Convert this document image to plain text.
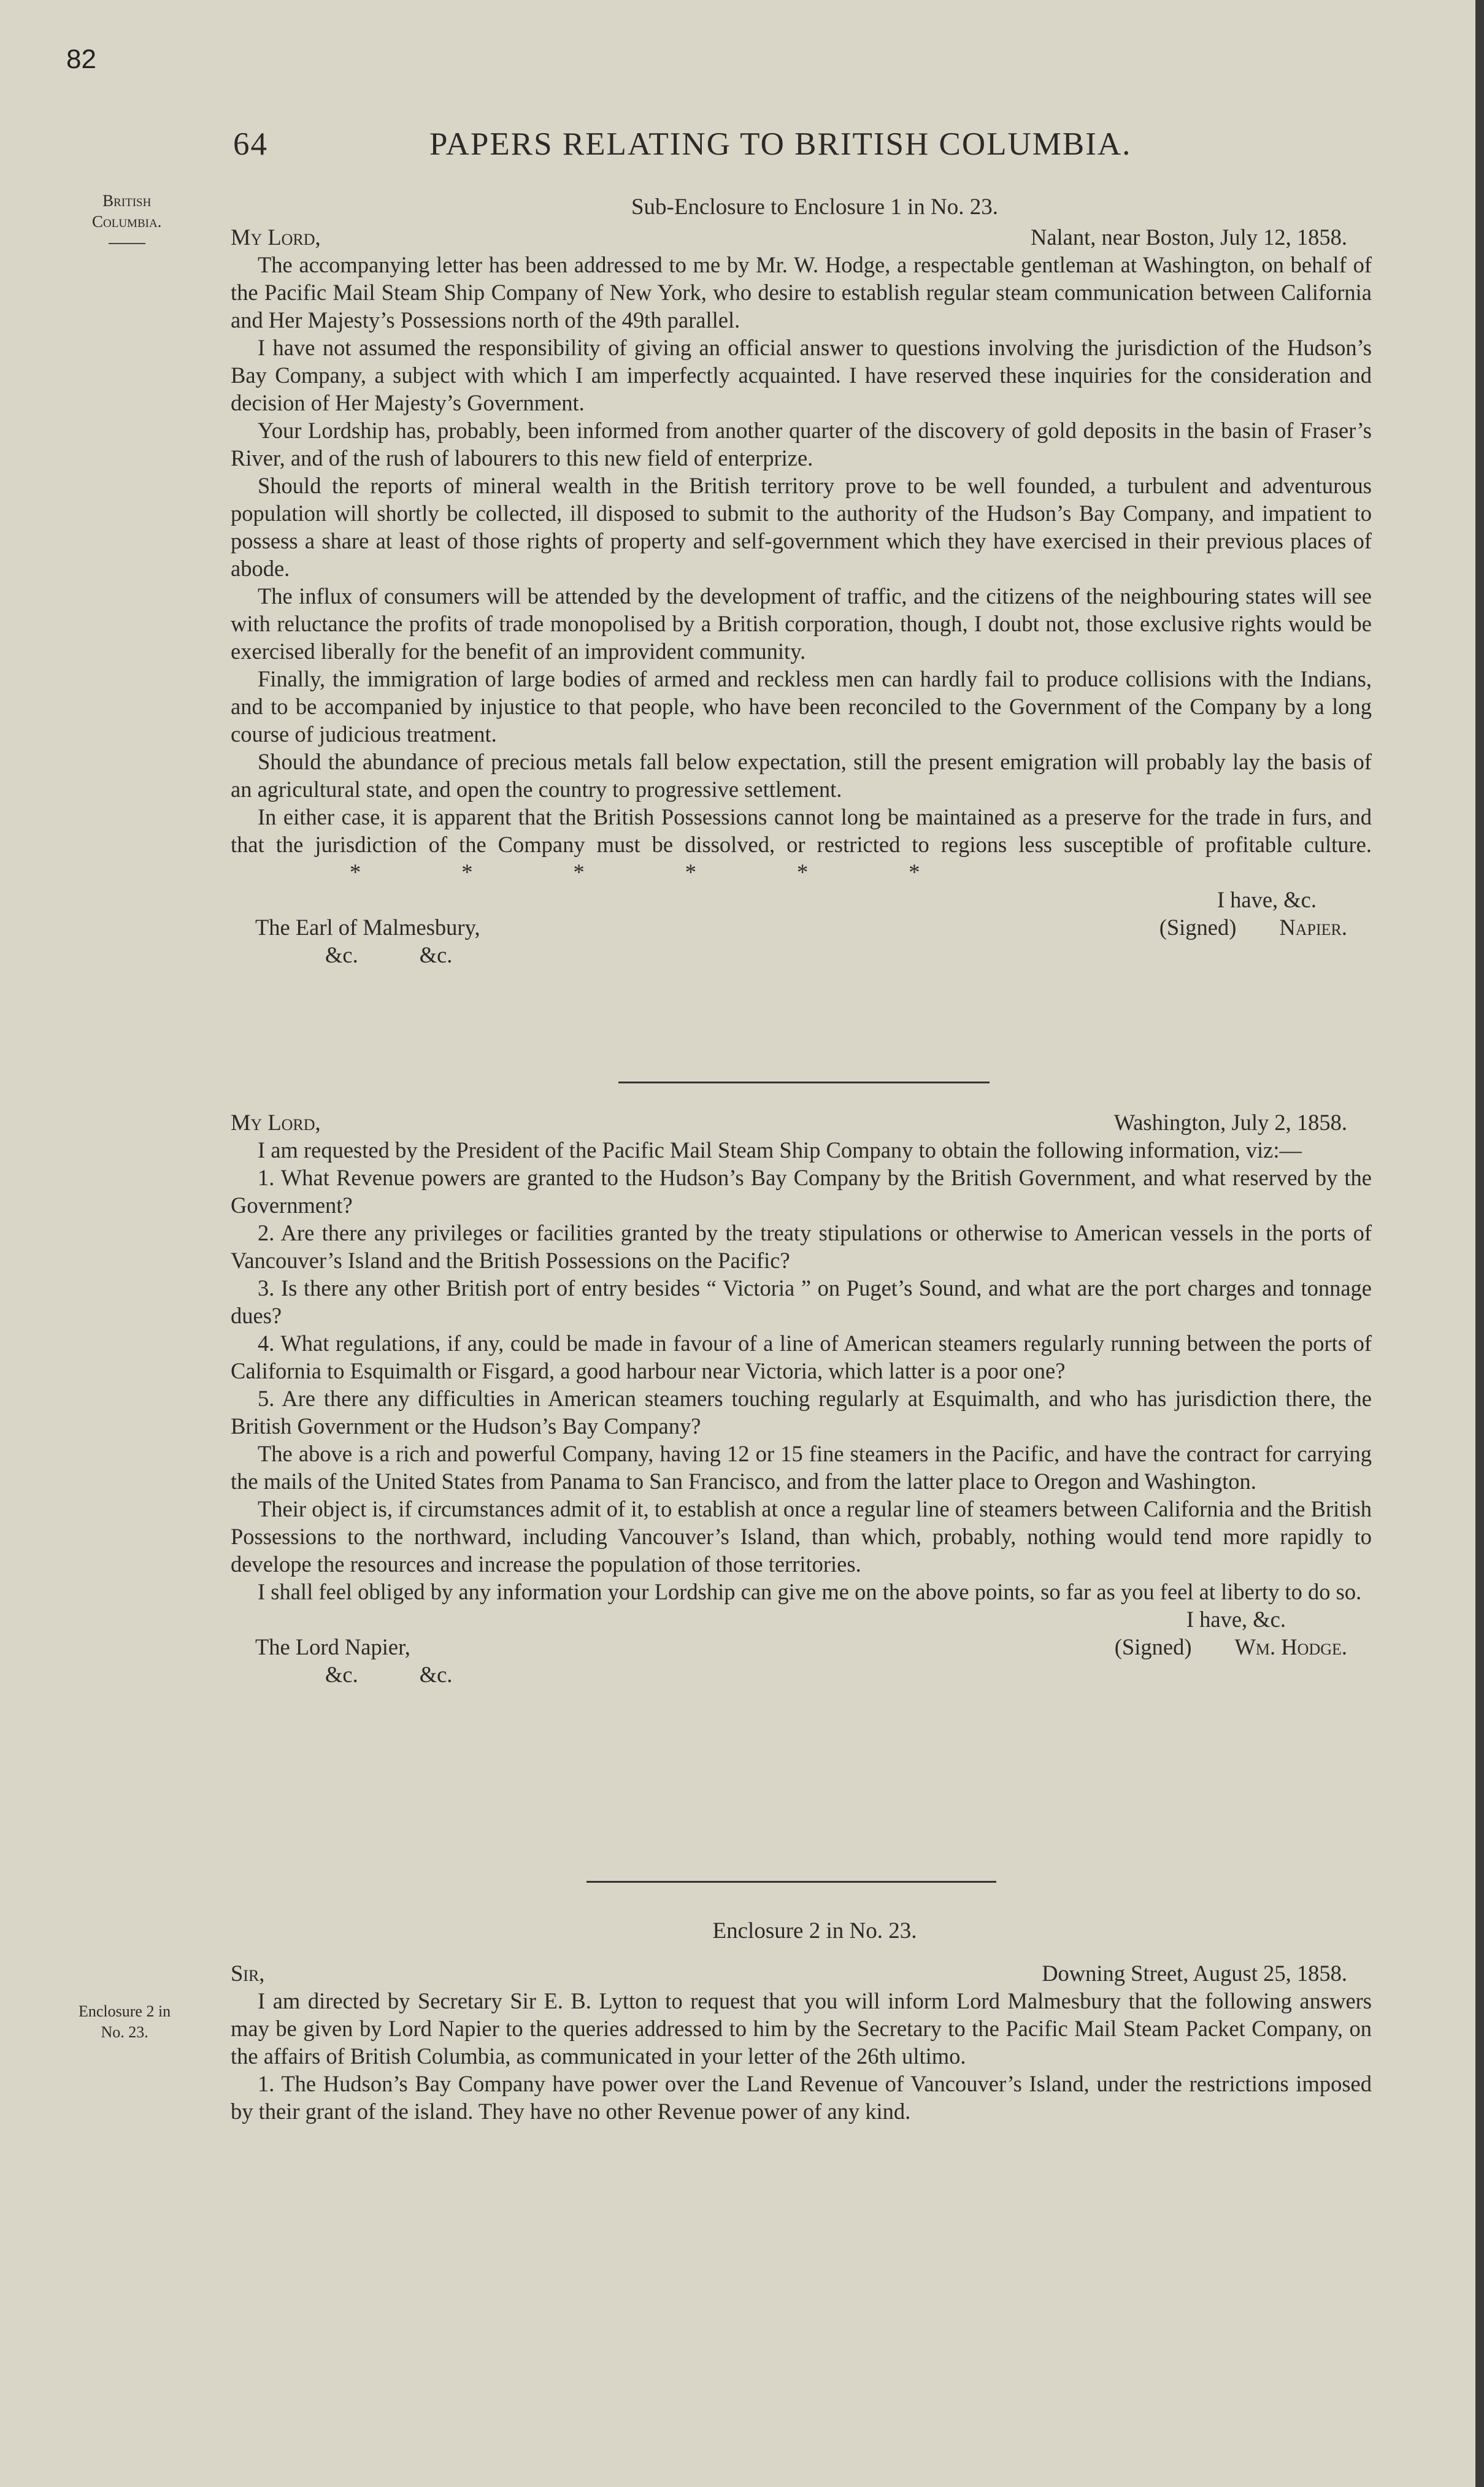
82
64	PAPERS RELATING TO BRITISH COLUMBIA.
British
Columbia.
Enclosure 2 in
No. 23.

Sub-Enclosure to Enclosure 1 in No. 23.

My Lord,	Nalant, near Boston, July 12, 1858.

The accompanying letter has been addressed to me by Mr. W. Hodge, a respectable gentleman at Washington, on behalf of the Pacific Mail Steam Ship Company of New York, who desire to establish regular steam communication between California and Her Majesty’s Possessions north of the 49th parallel.

I have not assumed the responsibility of giving an official answer to questions involving the jurisdiction of the Hudson’s Bay Company, a subject with which I am imperfectly acquainted. I have reserved these inquiries for the consideration and decision of Her Majesty’s Government.

Your Lordship has, probably, been informed from another quarter of the discovery of gold deposits in the basin of Fraser’s River, and of the rush of labourers to this new field of enterprize.

Should the reports of mineral wealth in the British territory prove to be well founded, a turbulent and adventurous population will shortly be collected, ill disposed to submit to the authority of the Hudson’s Bay Company, and impatient to possess a share at least of those rights of property and self-government which they have exercised in their previous places of abode.

The influx of consumers will be attended by the development of traffic, and the citizens of the neighbouring states will see with reluctance the profits of trade monopolised by a British corporation, though, I doubt not, those exclusive rights would be exercised liberally for the benefit of an improvident community.

Finally, the immigration of large bodies of armed and reckless men can hardly fail to produce collisions with the Indians, and to be accompanied by injustice to that people, who have been reconciled to the Government of the Company by a long course of judicious treatment.

Should the abundance of precious metals fall below expectation, still the present emigration will probably lay the basis of an agricultural state, and open the country to progressive settlement.

In either case, it is apparent that the British Possessions cannot long be maintained as a preserve for the trade in furs, and that the jurisdiction of the Company must be dissolved, or restricted to regions less susceptible of profitable culture.
*	*	*	*	*	*

I have, &c.

The Earl of Malmesbury,	(Signed) Napier.

&c.	&c.

My Lord,	Washington, July 2, 1858.

I am requested by the President of the Pacific Mail Steam Ship Company to obtain the following information, viz:—

1. What Revenue powers are granted to the Hudson’s Bay Company by the British Government, and what reserved by the Government?

2. Are there any privileges or facilities granted by the treaty stipulations or otherwise to American vessels in the ports of Vancouver’s Island and the British Possessions on the Pacific?

3. Is there any other British port of entry besides “ Victoria ” on Puget’s Sound, and what are the port charges and tonnage dues?

4. What regulations, if any, could be made in favour of a line of American steamers regularly running between the ports of California to Esquimalth or Fisgard, a good harbour near Victoria, which latter is a poor one?

5. Are there any difficulties in American steamers touching regularly at Esquimalth, and who has jurisdiction there, the British Government or the Hudson’s Bay Company?

The above is a rich and powerful Company, having 12 or 15 fine steamers in the Pacific, and have the contract for carrying the mails of the United States from Panama to San Francisco, and from the latter place to Oregon and Washington.

Their object is, if circumstances admit of it, to establish at once a regular line of steamers between California and the British Possessions to the northward, including Vancouver’s Island, than which, probably, nothing would tend more rapidly to develope the resources and increase the population of those territories.

I shall feel obliged by any information your Lordship can give me on the above points, so far as you feel at liberty to do so.

I have, &c.

The Lord Napier,	(Signed) Wm. Hodge.

&c.	&c.

Enclosure 2 in No. 23.

Sir,	Downing Street, August 25, 1858.

I am directed by Secretary Sir E. B. Lytton to request that you will inform Lord Malmesbury that the following answers may be given by Lord Napier to the queries addressed to him by the Secretary to the Pacific Mail Steam Packet Company, on the affairs of British Columbia, as communicated in your letter of the 26th ultimo.

1. The Hudson’s Bay Company have power over the Land Revenue of Vancouver’s Island, under the restrictions imposed by their grant of the island. They have no other Revenue power of any kind.
